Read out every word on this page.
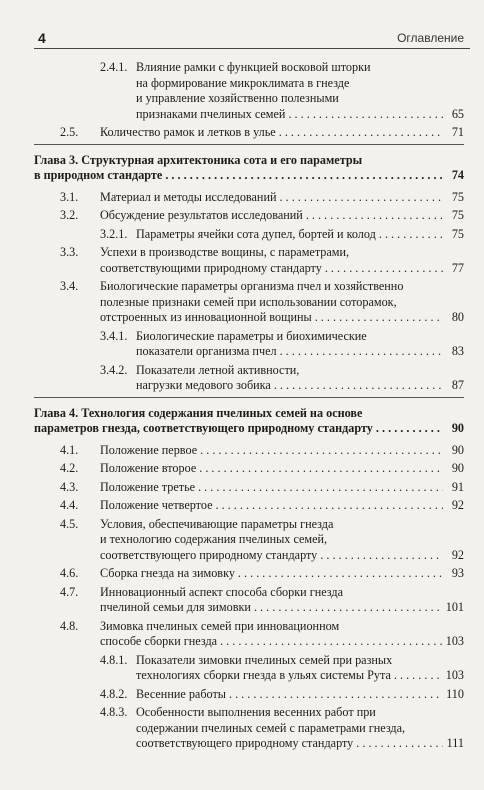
4	Оглавление
2.4.1. Влияние рамки с функцией восковой шторки
на формирование микроклимата в гнезде
и управление хозяйственно полезными
признаками пчелиных семей . . .	65
2.5. Количество рамок и летков в улье . . .	71
Глава 3. Структурная архитектоника сота и его параметры
в природном стандарте . . .	74
3.1. Материал и методы исследований . . .	75
3.2. Обсуждение результатов исследований . . .	75
3.2.1. Параметры ячейки сота дупел, бортей и колод . . .	75
3.3. Успехи в производстве вощины, с параметрами,
соответствующими природному стандарту . . .	77
3.4. Биологические параметры организма пчел и хозяйственно
полезные признаки семей при использовании соторамок,
отстроенных из инновационной вощины . . .	80
3.4.1. Биологические параметры и биохимические
показатели организма пчел . . .	83
3.4.2. Показатели летной активности,
нагрузки медового зобика . . .	87
Глава 4. Технология содержания пчелиных семей на основе
параметров гнезда, соответствующего природному стандарту . . .	90
4.1. Положение первое . . .	90
4.2. Положение второе . . .	90
4.3. Положение третье . . .	91
4.4. Положение четвертое . . .	92
4.5. Условия, обеспечивающие параметры гнезда
и технологию содержания пчелиных семей,
соответствующего природному стандарту . . .	92
4.6. Сборка гнезда на зимовку . . .	93
4.7. Инновационный аспект способа сборки гнезда
пчелиной семьи для зимовки . . .	101
4.8. Зимовка пчелиных семей при инновационном
способе сборки гнезда . . .	103
4.8.1. Показатели зимовки пчелиных семей при разных
технологиях сборки гнезда в ульях системы Рута . . .	103
4.8.2. Весенние работы . . .	110
4.8.3. Особенности выполнения весенних работ при
содержании пчелиных семей с параметрами гнезда,
соответствующего природному стандарту . . .	111
